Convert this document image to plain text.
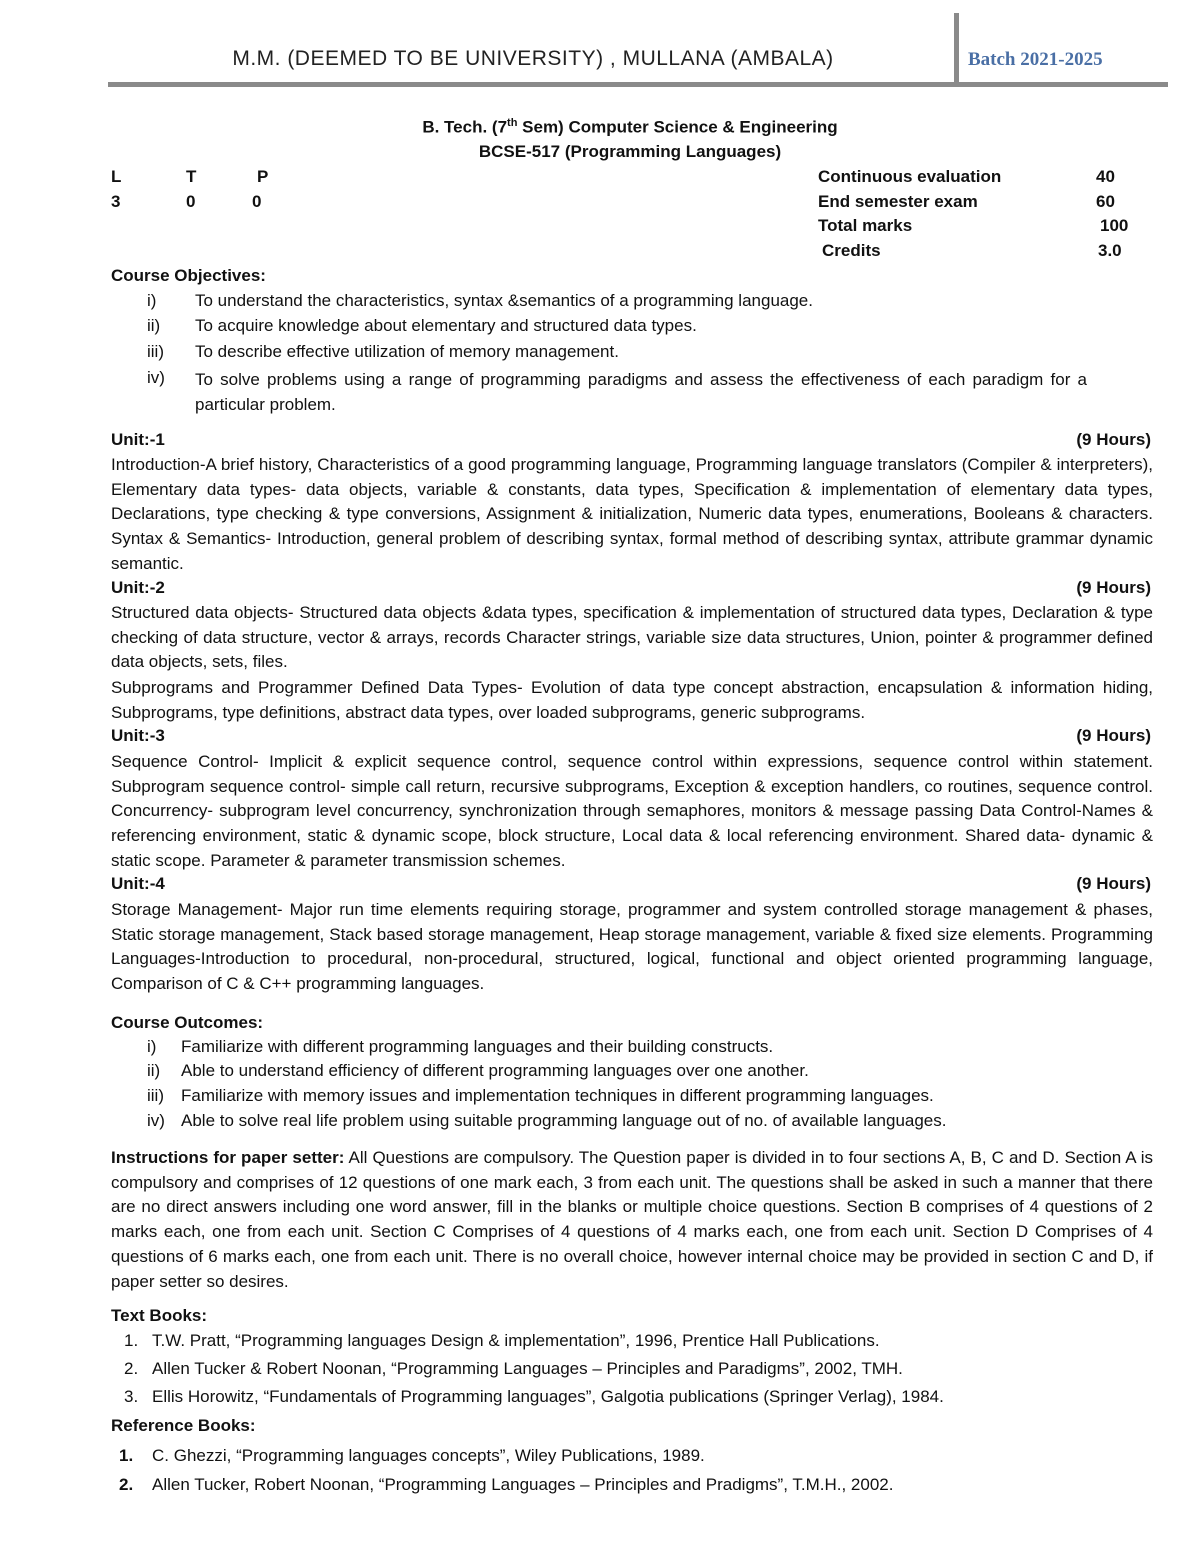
M.M. (DEEMED TO BE UNIVERSITY) , MULLANA (AMBALA)	Batch 2021-2025
B. Tech. (7th Sem) Computer Science & Engineering
BCSE-517 (Programming Languages)
L	T	P
3	0	0
Continuous evaluation	40
End semester exam	60
Total marks	100
Credits	3.0
Course Objectives:
i) To understand the characteristics, syntax &semantics of a programming language.
ii) To acquire knowledge about elementary and structured data types.
iii) To describe effective utilization of memory management.
iv) To solve problems using a range of programming paradigms and assess the effectiveness of each paradigm for a particular problem.
Unit:-1	(9 Hours)
Introduction-A brief history, Characteristics of a good programming language, Programming language translators (Compiler & interpreters), Elementary data types- data objects, variable & constants, data types, Specification & implementation of elementary data types, Declarations, type checking & type conversions, Assignment & initialization, Numeric data types, enumerations, Booleans & characters. Syntax & Semantics- Introduction, general problem of describing syntax, formal method of describing syntax, attribute grammar dynamic semantic.
Unit:-2	(9 Hours)
Structured data objects- Structured data objects &data types, specification & implementation of structured data types, Declaration & type checking of data structure, vector & arrays, records Character strings, variable size data structures, Union, pointer & programmer defined data objects, sets, files.
Subprograms and Programmer Defined Data Types- Evolution of data type concept abstraction, encapsulation & information hiding, Subprograms, type definitions, abstract data types, over loaded subprograms, generic subprograms.
Unit:-3	(9 Hours)
Sequence Control- Implicit & explicit sequence control, sequence control within expressions, sequence control within statement. Subprogram sequence control- simple call return, recursive subprograms, Exception & exception handlers, co routines, sequence control. Concurrency- subprogram level concurrency, synchronization through semaphores, monitors & message passing Data Control-Names & referencing environment, static & dynamic scope, block structure, Local data & local referencing environment. Shared data- dynamic & static scope. Parameter & parameter transmission schemes.
Unit:-4	(9 Hours)
Storage Management- Major run time elements requiring storage, programmer and system controlled storage management & phases, Static storage management, Stack based storage management, Heap storage management, variable & fixed size elements. Programming Languages-Introduction to procedural, non-procedural, structured, logical, functional and object oriented programming language, Comparison of C & C++ programming languages.
Course Outcomes:
i) Familiarize with different programming languages and their building constructs.
ii) Able to understand efficiency of different programming languages over one another.
iii) Familiarize with memory issues and implementation techniques in different programming languages.
iv) Able to solve real life problem using suitable programming language out of no. of available languages.
Instructions for paper setter: All Questions are compulsory. The Question paper is divided in to four sections A, B, C and D. Section A is compulsory and comprises of 12 questions of one mark each, 3 from each unit. The questions shall be asked in such a manner that there are no direct answers including one word answer, fill in the blanks or multiple choice questions. Section B comprises of 4 questions of 2 marks each, one from each unit. Section C Comprises of 4 questions of 4 marks each, one from each unit. Section D Comprises of 4 questions of 6 marks each, one from each unit. There is no overall choice, however internal choice may be provided in section C and D, if paper setter so desires.
Text Books:
1. T.W. Pratt, “Programming languages Design & implementation”, 1996, Prentice Hall Publications.
2. Allen Tucker & Robert Noonan, “Programming Languages – Principles and Paradigms”, 2002, TMH.
3. Ellis Horowitz, “Fundamentals of Programming languages”, Galgotia publications (Springer Verlag), 1984.
Reference Books:
1. C. Ghezzi, “Programming languages concepts”, Wiley Publications, 1989.
2. Allen Tucker, Robert Noonan, “Programming Languages – Principles and Pradigms”, T.M.H., 2002.
